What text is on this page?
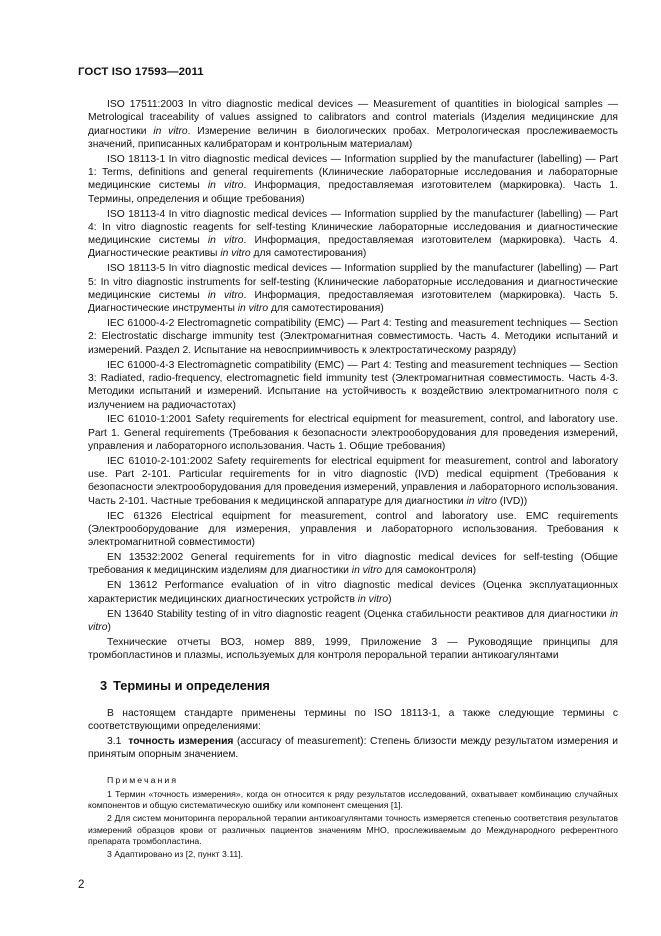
ГОСТ ISO 17593—2011

ISO 17511:2003 In vitro diagnostic medical devices — Measurement of quantities in biological samples — Metrological traceability of values assigned to calibrators and control materials (Изделия медицинские для диагностики in vitro. Измерение величин в биологических пробах. Метрологическая прослеживаемость значений, приписанных калибраторам и контрольным материалам)

ISO 18113-1 In vitro diagnostic medical devices — Information supplied by the manufacturer (labelling) — Part 1: Terms, definitions and general requirements (Клинические лабораторные исследования и лабораторные медицинские системы in vitro. Информация, предоставляемая изготовителем (маркировка). Часть 1. Термины, определения и общие требования)

ISO 18113-4 In vitro diagnostic medical devices — Information supplied by the manufacturer (labelling) — Part 4: In vitro diagnostic reagents for self-testing Клинические лабораторные исследования и диагностические медицинские системы in vitro. Информация, предоставляемая изготовителем (маркировка). Часть 4. Диагностические реактивы in vitro для самотестирования)

ISO 18113-5 In vitro diagnostic medical devices — Information supplied by the manufacturer (labelling) — Part 5: In vitro diagnostic instruments for self-testing (Клинические лабораторные исследования и диагностические медицинские системы in vitro. Информация, предоставляемая изготовителем (маркировка). Часть 5. Диагностические инструменты in vitro для самотестирования)

IEC 61000-4-2 Electromagnetic compatibility (EMC) — Part 4: Testing and measurement techniques — Section 2: Electrostatic discharge immunity test (Электромагнитная совместимость. Часть 4. Методики испытаний и измерений. Раздел 2. Испытание на невосприимчивость к электростатическому разряду)

IEC 61000-4-3 Electromagnetic compatibility (EMC) — Part 4: Testing and measurement techniques — Section 3: Radiated, radio-frequency, electromagnetic field immunity test (Электромагнитная совместимость. Часть 4-3. Методики испытаний и измерений. Испытание на устойчивость к воздействию электромагнитного поля с излучением на радиочастотах)

IEC 61010-1:2001 Safety requirements for electrical equipment for measurement, control, and laboratory use. Part 1. General requirements (Требования к безопасности электрооборудования для проведения измерений, управления и лабораторного использования. Часть 1. Общие требования)

IEC 61010-2-101:2002 Safety requirements for electrical equipment for measurement, control and laboratory use. Part 2-101. Particular requirements for in vitro diagnostic (IVD) medical equipment (Требования к безопасности электрооборудования для проведения измерений, управления и лабораторного использования. Часть 2-101. Частные требования к медицинской аппаратуре для диагностики in vitro (IVD))

IEC 61326 Electrical equipment for measurement, control and laboratory use. EMC requirements (Электрооборудование для измерения, управления и лабораторного использования. Требования к электромагнитной совместимости)

EN 13532:2002 General requirements for in vitro diagnostic medical devices for self-testing (Общие требования к медицинским изделиям для диагностики in vitro для самоконтроля)

EN 13612 Performance evaluation of in vitro diagnostic medical devices (Оценка эксплуатационных характеристик медицинских диагностических устройств in vitro)

EN 13640 Stability testing of in vitro diagnostic reagent (Оценка стабильности реактивов для диагностики in vitro)

Технические отчеты ВОЗ, номер 889, 1999, Приложение 3 — Руководящие принципы для тромбопластинов и плазмы, используемых для контроля пероральной терапии антикоагулянтами

3 Термины и определения

В настоящем стандарте применены термины по ISO 18113-1, а также следующие термины с соответствующими определениями:

3.1 точность измерения (accuracy of measurement): Степень близости между результатом измерения и принятым опорным значением.

Примечания

1 Термин «точность измерения», когда он относится к ряду результатов исследований, охватывает комбинацию случайных компонентов и общую систематическую ошибку или компонент смещения [1].

2 Для систем мониторинга пероральной терапии антикоагулянтами точность измеряется степенью соответствия результатов измерений образцов крови от различных пациентов значениям МНО, прослеживаемым до Международного референтного препарата тромбопластина.

3 Адаптировано из [2, пункт 3.11].

2
